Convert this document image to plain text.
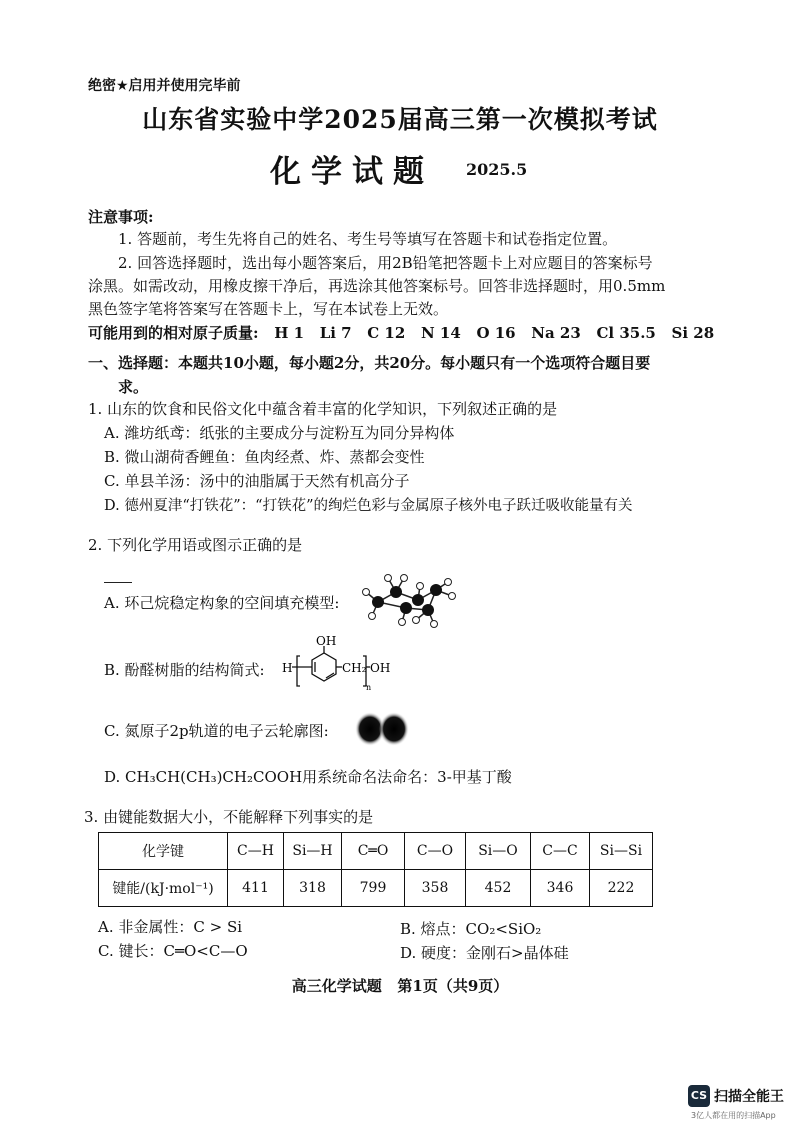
绝密★启用并使用完毕前
山东省实验中学2025届高三第一次模拟考试
化学试题 2025.5
注意事项:
1. 答题前，考生先将自己的姓名、考生号等填写在答题卡和试卷指定位置。
2. 回答选择题时，选出每小题答案后，用2B铅笔把答题卡上对应题目的答案标号
涂黑。如需改动，用橡皮擦干净后，再选涂其他答案标号。回答非选择题时，用0.5mm
黑色签字笔将答案写在答题卡上，写在本试卷上无效。
可能用到的相对原子质量:   H 1   Li 7   C 12   N 14   O 16   Na 23   Cl 35.5   Si 28
一、选择题：本题共10小题，每小题2分，共20分。每小题只有一个选项符合题目要
求。
1. 山东的饮食和民俗文化中蕴含着丰富的化学知识，下列叙述正确的是
A. 潍坊纸鸢：纸张的主要成分与淀粉互为同分异构体
B. 微山湖荷香鲤鱼：鱼肉经煮、炸、蒸都会变性
C. 单县羊汤：汤中的油脂属于天然有机高分子
D. 德州夏津“打铁花”：“打铁花”的绚烂色彩与金属原子核外电子跃迁吸收能量有关
2. 下列化学用语或图示正确的是
A. 环己烷稳定构象的空间填充模型:
B. 酚醛树脂的结构简式:
OH
H	CH₂ OH
n
C. 氮原子2p轨道的电子云轮廓图:
D. CH₃CH(CH₃)CH₂COOH用系统命名法命名：3-甲基丁酸
3. 由键能数据大小，不能解释下列事实的是
化学键	C—H	Si—H	C═O	C—O	Si—O	C—C	Si—Si
键能/(kJ·mol⁻¹)	411	318	799	358	452	346	222
A. 非金属性：C > Si	B. 熔点：CO₂<SiO₂
C. 键长：C═O<C—O	D. 硬度：金刚石>晶体硅
高三化学试题   第1页（共9页）
CS 扫描全能王
3亿人都在用的扫描App
